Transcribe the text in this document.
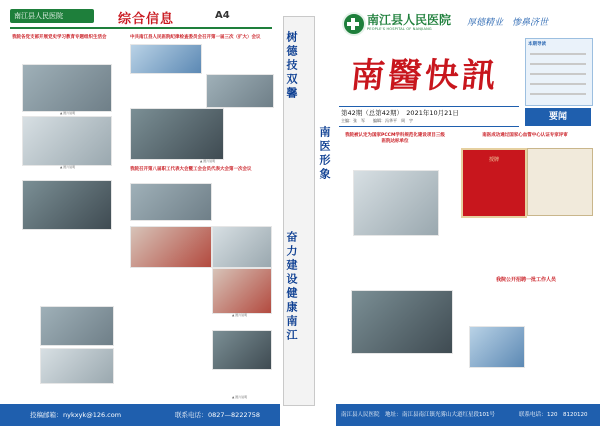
南江县人民医院	综合信息	A4
我院各党支部开展党史学习教育专题组织生活会
▲ 图片说明
▲ 图片说明
中共南江县人民医院纪律检查委员会召开第一届三次（扩大）会议
▲ 图片说明
我院召开第八届职工代表大会暨工会会员代表大会第一次会议
▲ 图片说明
▲ 图片说明
投稿邮箱： nykxyk@126.com	联系电话： 0827—8222758
树德技双馨
奋力建设健康南江
南医形象
南江县人民医院
PEOPLE'S HOSPITAL OF NANJIANG
厚德精业　惨鼻济世
南醫快訊
本期导读
第42期（总第42期）　2021年10月21日
主编：张　军　　编辑：冯华平　周　宇	要闻
我院被认定为国家PCCM学科规范化建设项目三级医院达标单位
南医成功通过国家心血管中心认证专家评审
授牌
我院公开招聘一批工作人员
南江县人民医院　地址： 南江县南江镇光雾山大道红星段101号	联系电话： 120　8120120
